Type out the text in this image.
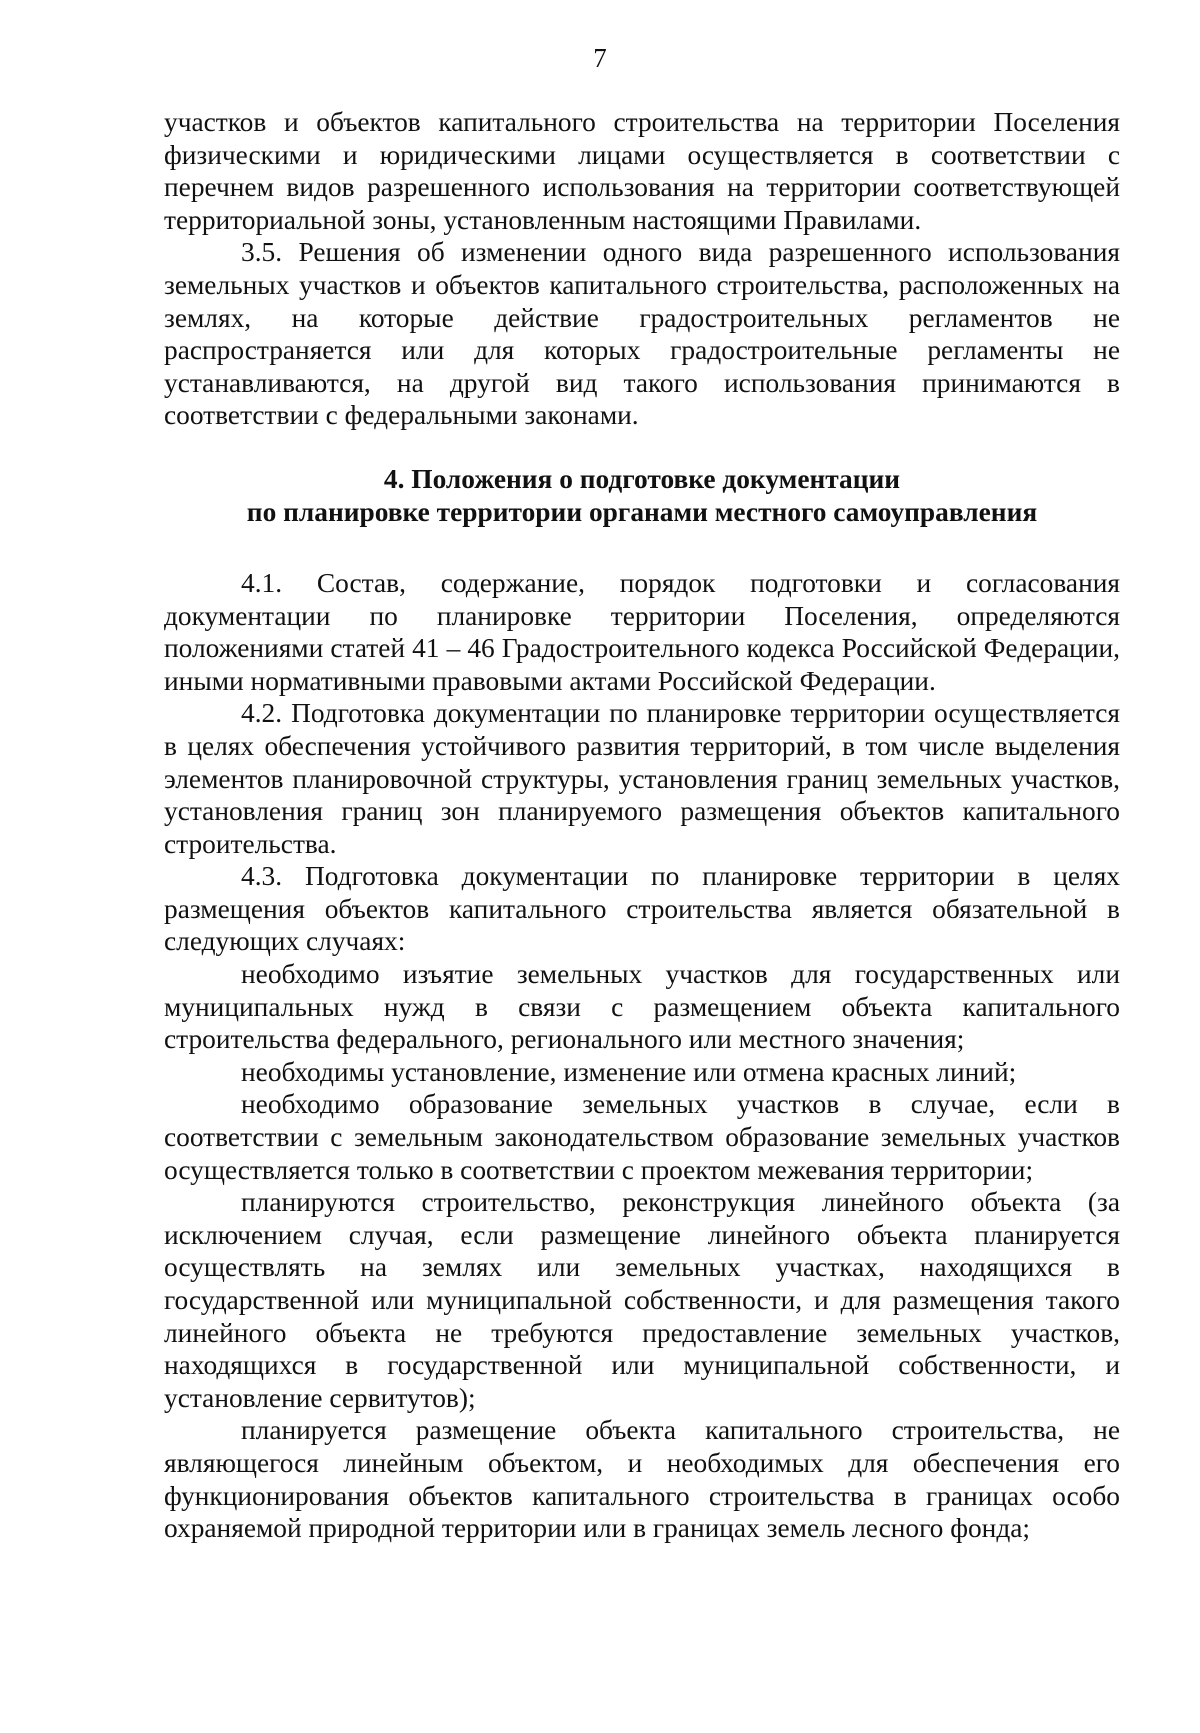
7

участков и объектов капитального строительства на территории Поселения физическими и юридическими лицами осуществляется в соответствии с перечнем видов разрешенного использования на территории соответствующей территориальной зоны, установленным настоящими Правилами.

3.5. Решения об изменении одного вида разрешенного использования земельных участков и объектов капитального строительства, расположенных на землях, на которые действие градостроительных регламентов не распространяется или для которых градостроительные регламенты не устанавливаются, на другой вид такого использования принимаются в соответствии с федеральными законами.

4. Положения о подготовке документации
по планировке территории органами местного самоуправления

4.1. Состав, содержание, порядок подготовки и согласования документации по планировке территории Поселения, определяются положениями статей 41 – 46 Градостроительного кодекса Российской Федерации, иными нормативными правовыми актами Российской Федерации.

4.2. Подготовка документации по планировке территории осуществляется в целях обеспечения устойчивого развития территорий, в том числе выделения элементов планировочной структуры, установления границ земельных участков, установления границ зон планируемого размещения объектов капитального строительства.

4.3. Подготовка документации по планировке территории в целях размещения объектов капитального строительства является обязательной в следующих случаях:

необходимо изъятие земельных участков для государственных или муниципальных нужд в связи с размещением объекта капитального строительства федерального, регионального или местного значения;

необходимы установление, изменение или отмена красных линий;

необходимо образование земельных участков в случае, если в соответствии с земельным законодательством образование земельных участков осуществляется только в соответствии с проектом межевания территории;

планируются строительство, реконструкция линейного объекта (за исключением случая, если размещение линейного объекта планируется осуществлять на землях или земельных участках, находящихся в государственной или муниципальной собственности, и для размещения такого линейного объекта не требуются предоставление земельных участков, находящихся в государственной или муниципальной собственности, и установление сервитутов);

планируется размещение объекта капитального строительства, не являющегося линейным объектом, и необходимых для обеспечения его функционирования объектов капитального строительства в границах особо охраняемой природной территории или в границах земель лесного фонда;
